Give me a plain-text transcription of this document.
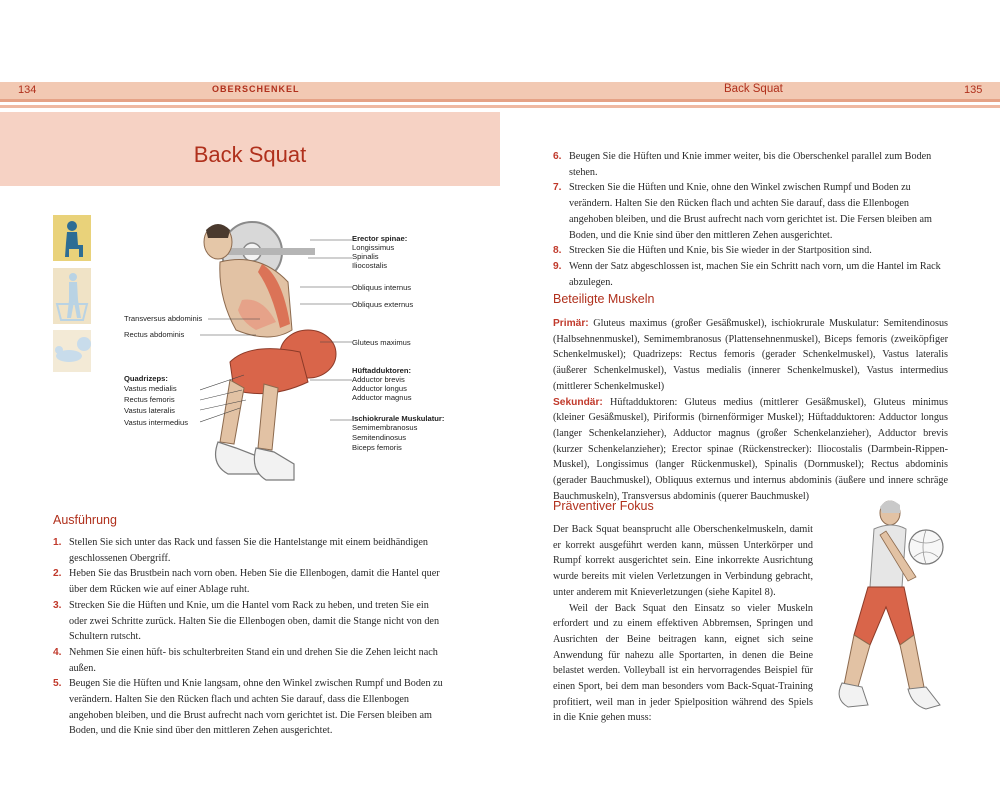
134	OBERSCHENKEL	Back Squat	135
Back Squat
Erector spinae:
Longissimus
Spinalis
Iliocostalis
Obliquus internus
Obliquus externus
Gluteus maximus
Hüftadduktoren:
Adductor brevis
Adductor longus
Adductor magnus
Ischiokrurale Muskulatur:
Semimembranosus
Semitendinosus
Biceps femoris
Transversus abdominis
Rectus abdominis
Quadrizeps:
Vastus medialis
Rectus femoris
Vastus lateralis
Vastus intermedius
Ausführung
1. Stellen Sie sich unter das Rack und fassen Sie die Hantelstange mit einem beidhändigen geschlossenen Obergriff.
2. Heben Sie das Brustbein nach vorn oben. Heben Sie die Ellenbogen, damit die Hantel quer über dem Rücken wie auf einer Ablage ruht.
3. Strecken Sie die Hüften und Knie, um die Hantel vom Rack zu heben, und treten Sie ein oder zwei Schritte zurück. Halten Sie die Ellenbogen oben, damit die Stange nicht von den Schultern rutscht.
4. Nehmen Sie einen hüft- bis schulterbreiten Stand ein und drehen Sie die Zehen leicht nach außen.
5. Beugen Sie die Hüften und Knie langsam, ohne den Winkel zwischen Rumpf und Boden zu verändern. Halten Sie den Rücken flach und achten Sie darauf, dass die Ellenbogen angehoben bleiben, und die Brust aufrecht nach vorn gerichtet ist. Die Fersen bleiben am Boden, und die Knie sind über den mittleren Zehen ausgerichtet.
6. Beugen Sie die Hüften und Knie immer weiter, bis die Oberschenkel parallel zum Boden stehen.
7. Strecken Sie die Hüften und Knie, ohne den Winkel zwischen Rumpf und Boden zu verändern. Halten Sie den Rücken flach und achten Sie darauf, dass die Ellenbogen angehoben bleiben, und die Brust aufrecht nach vorn gerichtet ist. Die Fersen bleiben am Boden, und die Knie sind über den mittleren Zehen ausgerichtet.
8. Strecken Sie die Hüften und Knie, bis Sie wieder in der Startposition sind.
9. Wenn der Satz abgeschlossen ist, machen Sie ein Schritt nach vorn, um die Hantel im Rack abzulegen.
Beteiligte Muskeln

Primär: Gluteus maximus (großer Gesäßmuskel), ischiokrurale Muskulatur: Semitendinosus (Halbsehnenmuskel), Semimembranosus (Plattensehnenmuskel), Biceps femoris (zweiköpfiger Schenkelmuskel); Quadrizeps: Rectus femoris (gerader Schenkelmuskel), Vastus lateralis (äußerer Schenkelmuskel), Vastus medialis (innerer Schenkelmuskel), Vastus intermedius (mittlerer Schenkelmuskel)

Sekundär: Hüftadduktoren: Gluteus medius (mittlerer Gesäßmuskel), Gluteus minimus (kleiner Gesäßmuskel), Piriformis (birnenförmiger Muskel); Hüftadduktoren: Adductor longus (langer Schenkelanzieher), Adductor magnus (großer Schenkelanzieher), Adductor brevis (kurzer Schenkelanzieher); Erector spinae (Rückenstrecker): Iliocostalis (Darmbein-Rippen-Muskel), Longissimus (langer Rückenmuskel), Spinalis (Dornmuskel); Rectus abdominis (gerader Bauchmuskel), Obliquus externus und internus abdominis (äußere und innere schräge Bauchmuskeln), Transversus abdominis (querer Bauchmuskel)

Präventiver Fokus

Der Back Squat beansprucht alle Oberschenkelmuskeln, damit er korrekt ausgeführt werden kann, müssen Unterkörper und Rumpf korrekt ausgerichtet sein. Eine inkorrekte Ausrichtung wurde bereits mit vielen Verletzungen in Verbindung gebracht, unter anderem mit Knieverletzungen (siehe Kapitel 8).

Weil der Back Squat den Einsatz so vieler Muskeln erfordert und zu einem effektiven Abbremsen, Springen und Ausrichten der Beine beitragen kann, eignet sich seine Anwendung für nahezu alle Sportarten, in denen die Beine belastet werden. Volleyball ist ein hervorragendes Beispiel für einen Sport, bei dem man besonders vom Back-Squat-Training profitiert, weil man in jeder Spielposition während des Spiels in die Knie gehen muss:
